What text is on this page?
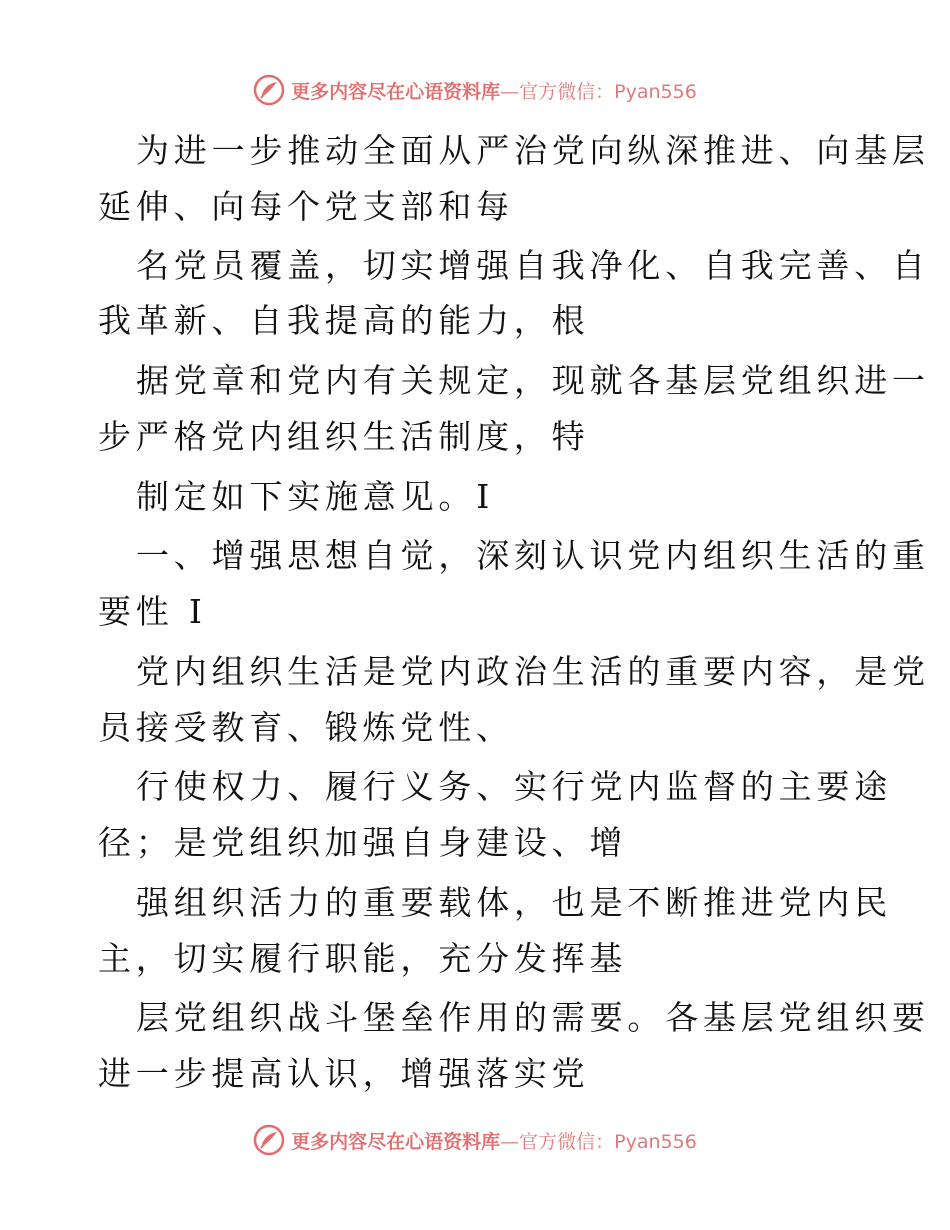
更多内容尽在心语资料库—官方微信：Pyan556
为进一步推动全面从严治党向纵深推进、向基层
延伸、向每个党支部和每
名党员覆盖，切实增强自我净化、自我完善、自
我革新、自我提高的能力，根
据党章和党内有关规定，现就各基层党组织进一
步严格党内组织生活制度，特
制定如下实施意见。I
一、增强思想自觉，深刻认识党内组织生活的重
要性 I
党内组织生活是党内政治生活的重要内容，是党
员接受教育、锻炼党性、
行使权力、履行义务、实行党内监督的主要途
径；是党组织加强自身建设、增
强组织活力的重要载体，也是不断推进党内民
主，切实履行职能，充分发挥基
层党组织战斗堡垒作用的需要。各基层党组织要
进一步提高认识，增强落实党
更多内容尽在心语资料库—官方微信：Pyan556
